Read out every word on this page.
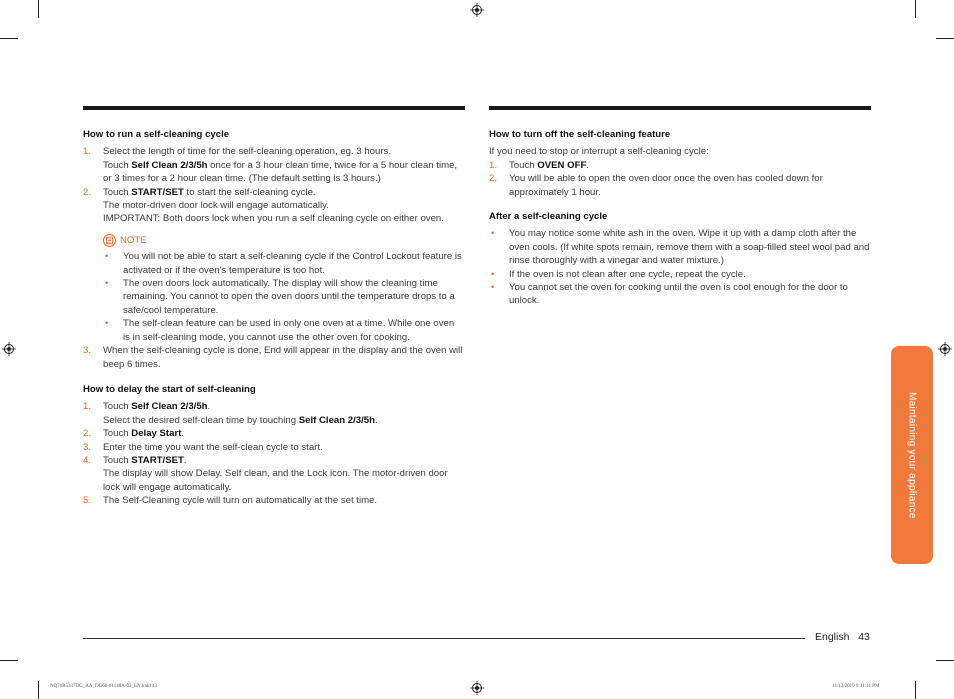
How to run a self-cleaning cycle

1. Select the length of time for the self-cleaning operation, eg. 3 hours.
Touch Self Clean 2/3/5h once for a 3 hour clean time, twice for a 5 hour clean time, or 3 times for a 2 hour clean time. (The default setting is 3 hours.)
2. Touch START/SET to start the self-cleaning cycle.
The motor-driven door lock will engage automatically.
IMPORTANT: Both doors lock when you run a self cleaning cycle on either oven.
NOTE
• You will not be able to start a self-cleaning cycle if the Control Lockout feature is activated or if the oven’s temperature is too hot.
• The oven doors lock automatically. The display will show the cleaning time remaining. You cannot to open the oven doors until the temperature drops to a safe/cool temperature.
• The self-clean feature can be used in only one oven at a time. While one oven is in self-cleaning mode, you cannot use the other oven for cooking.
3. When the self-cleaning cycle is done, End will appear in the display and the oven will beep 6 times.

How to delay the start of self-cleaning

1. Touch Self Clean 2/3/5h.
Select the desired self-clean time by touching Self Clean 2/3/5h.
2. Touch Delay Start.
3. Enter the time you want the self-clean cycle to start.
4. Touch START/SET.
The display will show Delay, Self clean, and the Lock icon. The motor-driven door lock will engage automatically.
5. The Self-Cleaning cycle will turn on automatically at the set time.

How to turn off the self-cleaning feature

If you need to stop or interrupt a self-cleaning cycle:

1. Touch OVEN OFF.
2. You will be able to open the oven door once the oven has cooled down for approximately 1 hour.

After a self-cleaning cycle

• You may notice some white ash in the oven. Wipe it up with a damp cloth after the oven cools. (If white spots remain, remove them with a soap-filled steel wool pad and rinse thoroughly with a vinegar and water mixture.)
• If the oven is not clean after one cycle, repeat the cycle.
• You cannot set the oven for cooking until the oven is cool enough for the door to unlock.
Maintaining your appliance
English 43
NQ70R5337DG_AA_DG68-01148A-02_EN.indd 43	11/13/2019 9:31:11 PM
